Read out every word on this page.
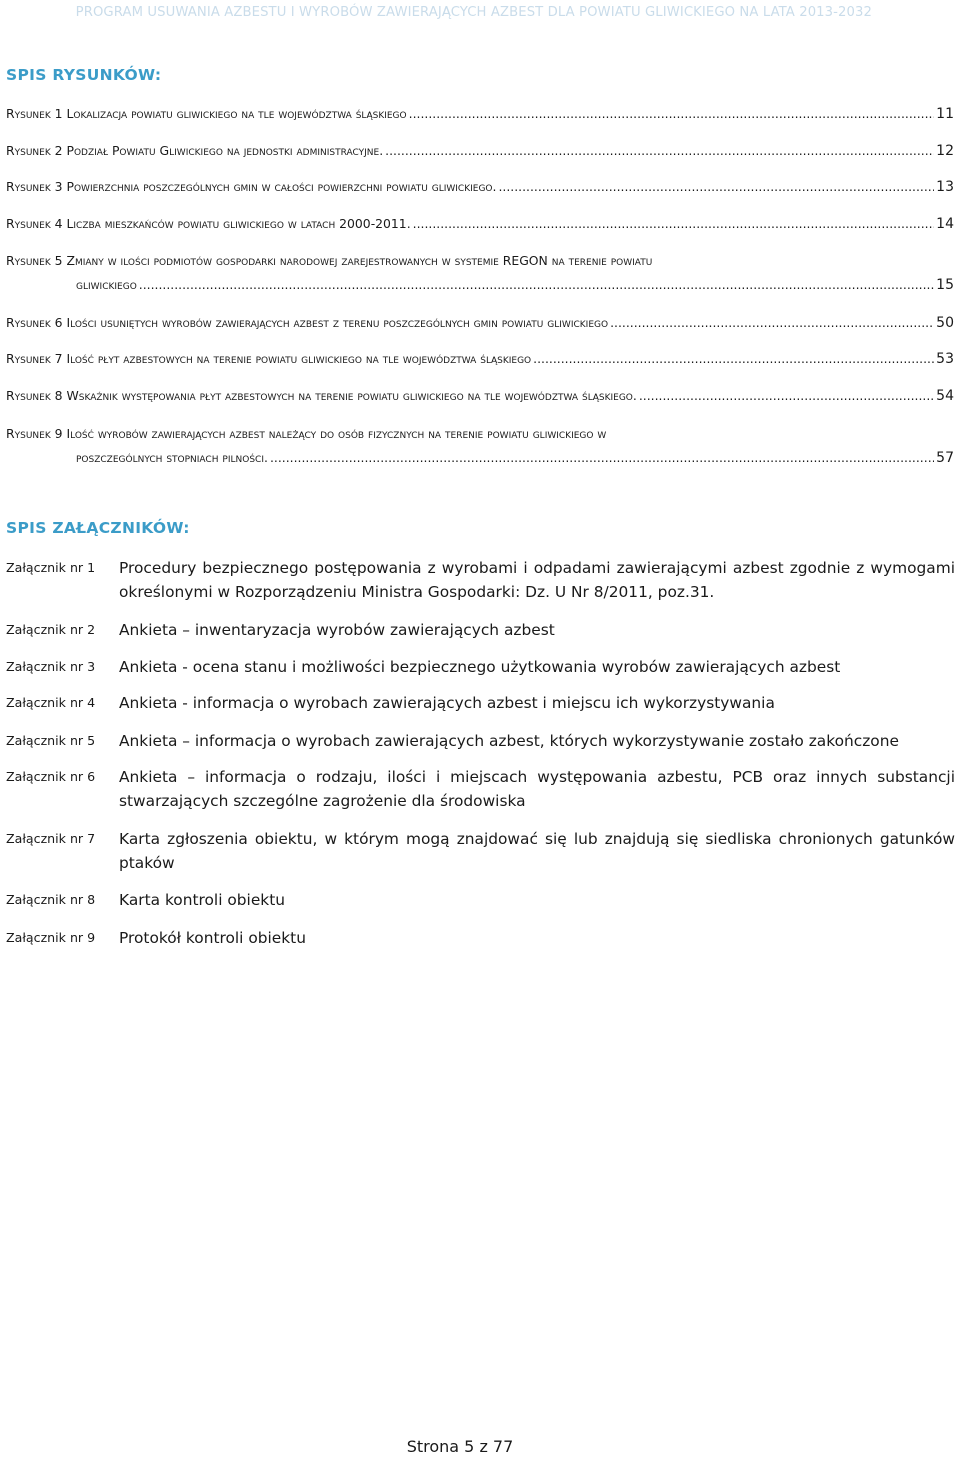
PROGRAM USUWANIA AZBESTU I WYROBÓW ZAWIERAJĄCYCH AZBEST DLA POWIATU GLIWICKIEGO NA LATA 2013-2032
SPIS RYSUNKÓW:
Rysunek 1 Lokalizacja powiatu gliwickiego na tle województwa śląskiego .....	11
Rysunek 2 Podział Powiatu Gliwickiego na jednostki administracyjne. .....	12
Rysunek 3 Powierzchnia poszczególnych gmin w całości powierzchni powiatu gliwickiego. .....	13
Rysunek 4 Liczba mieszkańców powiatu gliwickiego w latach 2000-2011. .....	14
Rysunek 5 Zmiany w ilości podmiotów gospodarki narodowej zarejestrowanych w systemie REGON na terenie powiatu
gliwickiego .....	15
Rysunek 6 Ilości usuniętych wyrobów zawierających azbest z terenu poszczególnych gmin powiatu gliwickiego .....	50
Rysunek 7 Ilość płyt azbestowych na terenie powiatu gliwickiego na tle województwa śląskiego .....	53
Rysunek 8 Wskaźnik występowania płyt azbestowych na terenie powiatu gliwickiego na tle województwa śląskiego. .....	54
Rysunek 9 Ilość wyrobów zawierających azbest należący do osób fizycznych na terenie powiatu gliwickiego w
poszczególnych stopniach pilności. .....	57
SPIS ZAŁĄCZNIKÓW:
Załącznik nr 1 Procedury bezpiecznego postępowania z wyrobami i odpadami zawierającymi azbest zgodnie z wymogami określonymi w Rozporządzeniu Ministra Gospodarki: Dz. U Nr 8/2011, poz.31.
Załącznik nr 2 Ankieta – inwentaryzacja wyrobów zawierających azbest
Załącznik nr 3 Ankieta - ocena stanu i możliwości bezpiecznego użytkowania wyrobów zawierających azbest
Załącznik nr 4 Ankieta - informacja o wyrobach zawierających azbest i miejscu ich wykorzystywania
Załącznik nr 5 Ankieta – informacja o wyrobach zawierających azbest, których wykorzystywanie zostało zakończone
Załącznik nr 6 Ankieta – informacja o rodzaju, ilości i miejscach występowania azbestu, PCB oraz innych substancji stwarzających szczególne zagrożenie dla środowiska
Załącznik nr 7 Karta zgłoszenia obiektu, w którym mogą znajdować się lub znajdują się siedliska chronionych gatunków ptaków
Załącznik nr 8 Karta kontroli obiektu
Załącznik nr 9 Protokół kontroli obiektu
Strona 5 z 77
